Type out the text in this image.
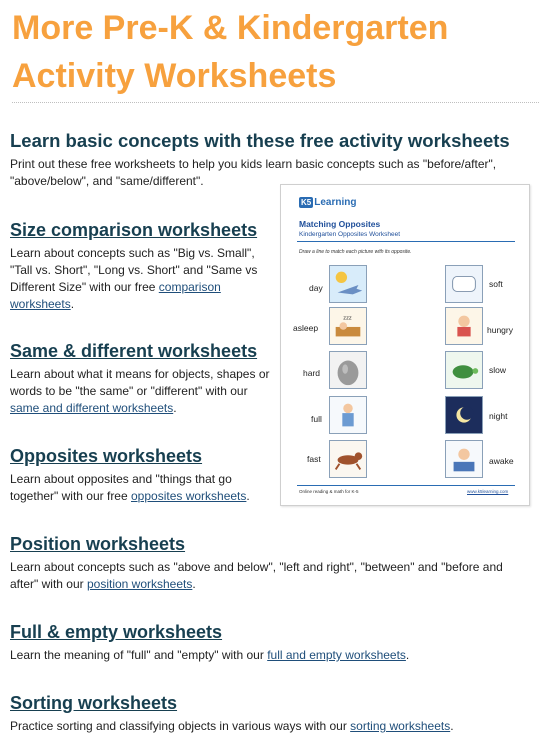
More Pre-K & Kindergarten Activity Worksheets
Learn basic concepts with these free activity worksheets

Print out these free worksheets to help you kids learn basic concepts such as "before/after", "above/below", and "same/different".

Size comparison worksheets

Learn about concepts such as "Big vs. Small", "Tall vs. Short", "Long vs. Short" and "Same vs Different Size" with our free comparison worksheets.

Same & different worksheets

Learn about what it means for objects, shapes or words to be "the same" or "different" with our same and different worksheets.

Opposites worksheets

Learn about opposites and "things that go together" with our free opposites worksheets.

Position worksheets

Learn about concepts such as "above and below", "left and right", "between" and "before and after" with our position worksheets.

Full & empty worksheets

Learn the meaning of "full" and "empty" with our full and empty worksheets.

Sorting worksheets

Practice sorting and classifying objects in various ways with our sorting worksheets.

K5 Learning
Matching Opposites
Kindergarten Opposites Worksheet
Draw a line to match each picture with its opposite.
day
asleep
hard
full
fast
zzz
soft
hungry
slow
night
awake
Online reading & math for K-5	www.k5learning.com
